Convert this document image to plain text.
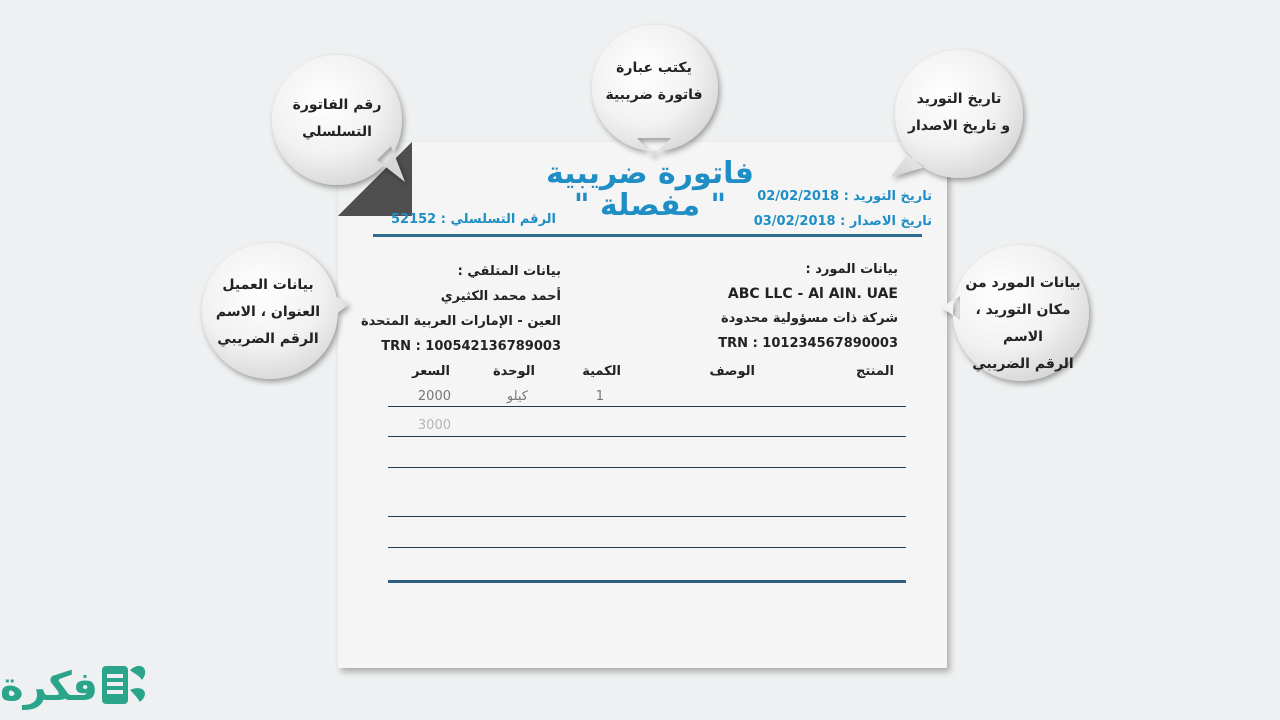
فاتورة ضريبية
" مفصلة "	تاريخ التوريد : 02/02/2018
تاريخ الاصدار : 03/02/2018
الرقم التسلسلي : 52152
بيانات المورد :
ABC LLC - Al AIN. UAE
شركة ذات مسؤولية محدودة
TRN : 101234567890003
بيانات المتلقي :
أحمد محمد الكثيري
العين - الإمارات العربية المتحدة
TRN : 100542136789003
المنتج
الوصف
الكمية
الوحدة
السعر
1
كيلو
2000
3000
يكتب عبارة
فاتورة ضريبية
رقم الفاتورة
التسلسلي
تاريخ التوريد
و تاريخ الاصدار
بيانات العميل
العنوان ، الاسم
الرقم الضريبي
بيانات المورد من
مكان التوريد ، الاسم
الرقم الضريبي
فكرة
